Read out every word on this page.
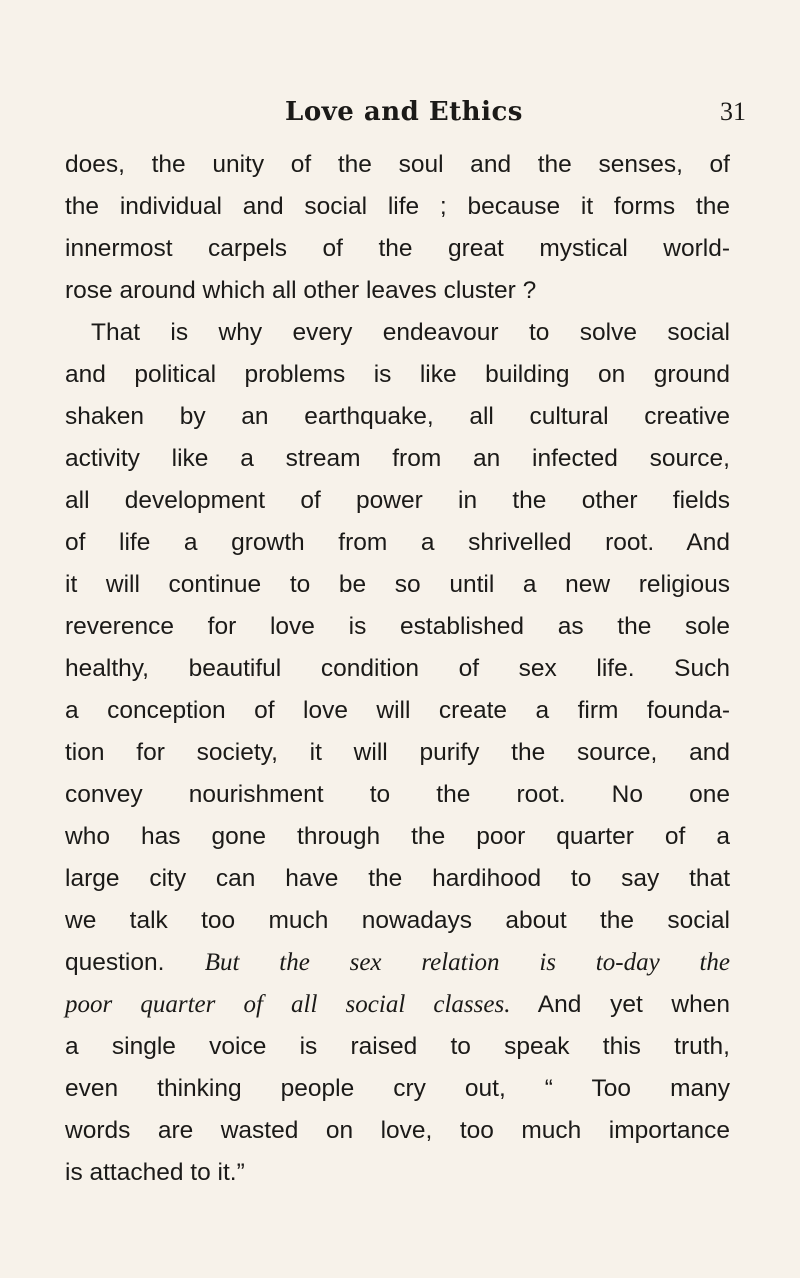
Love and Ethics	31
does, the unity of the soul and the senses, of
the individual and social life ; because it forms the
innermost carpels of the great mystical world-
rose around which all other leaves cluster ?
That is why every endeavour to solve social
and political problems is like building on ground
shaken by an earthquake, all cultural creative
activity like a stream from an infected source,
all development of power in the other fields
of life a growth from a shrivelled root. And
it will continue to be so until a new religious
reverence for love is established as the sole
healthy, beautiful condition of sex life. Such
a conception of love will create a firm founda-
tion for society, it will purify the source, and
convey nourishment to the root. No one
who has gone through the poor quarter of a
large city can have the hardihood to say that
we talk too much nowadays about the social
question. But the sex relation is to-day the
poor quarter of all social classes. And yet when
a single voice is raised to speak this truth,
even thinking people cry out, “ Too many
words are wasted on love, too much importance
is attached to it.”
